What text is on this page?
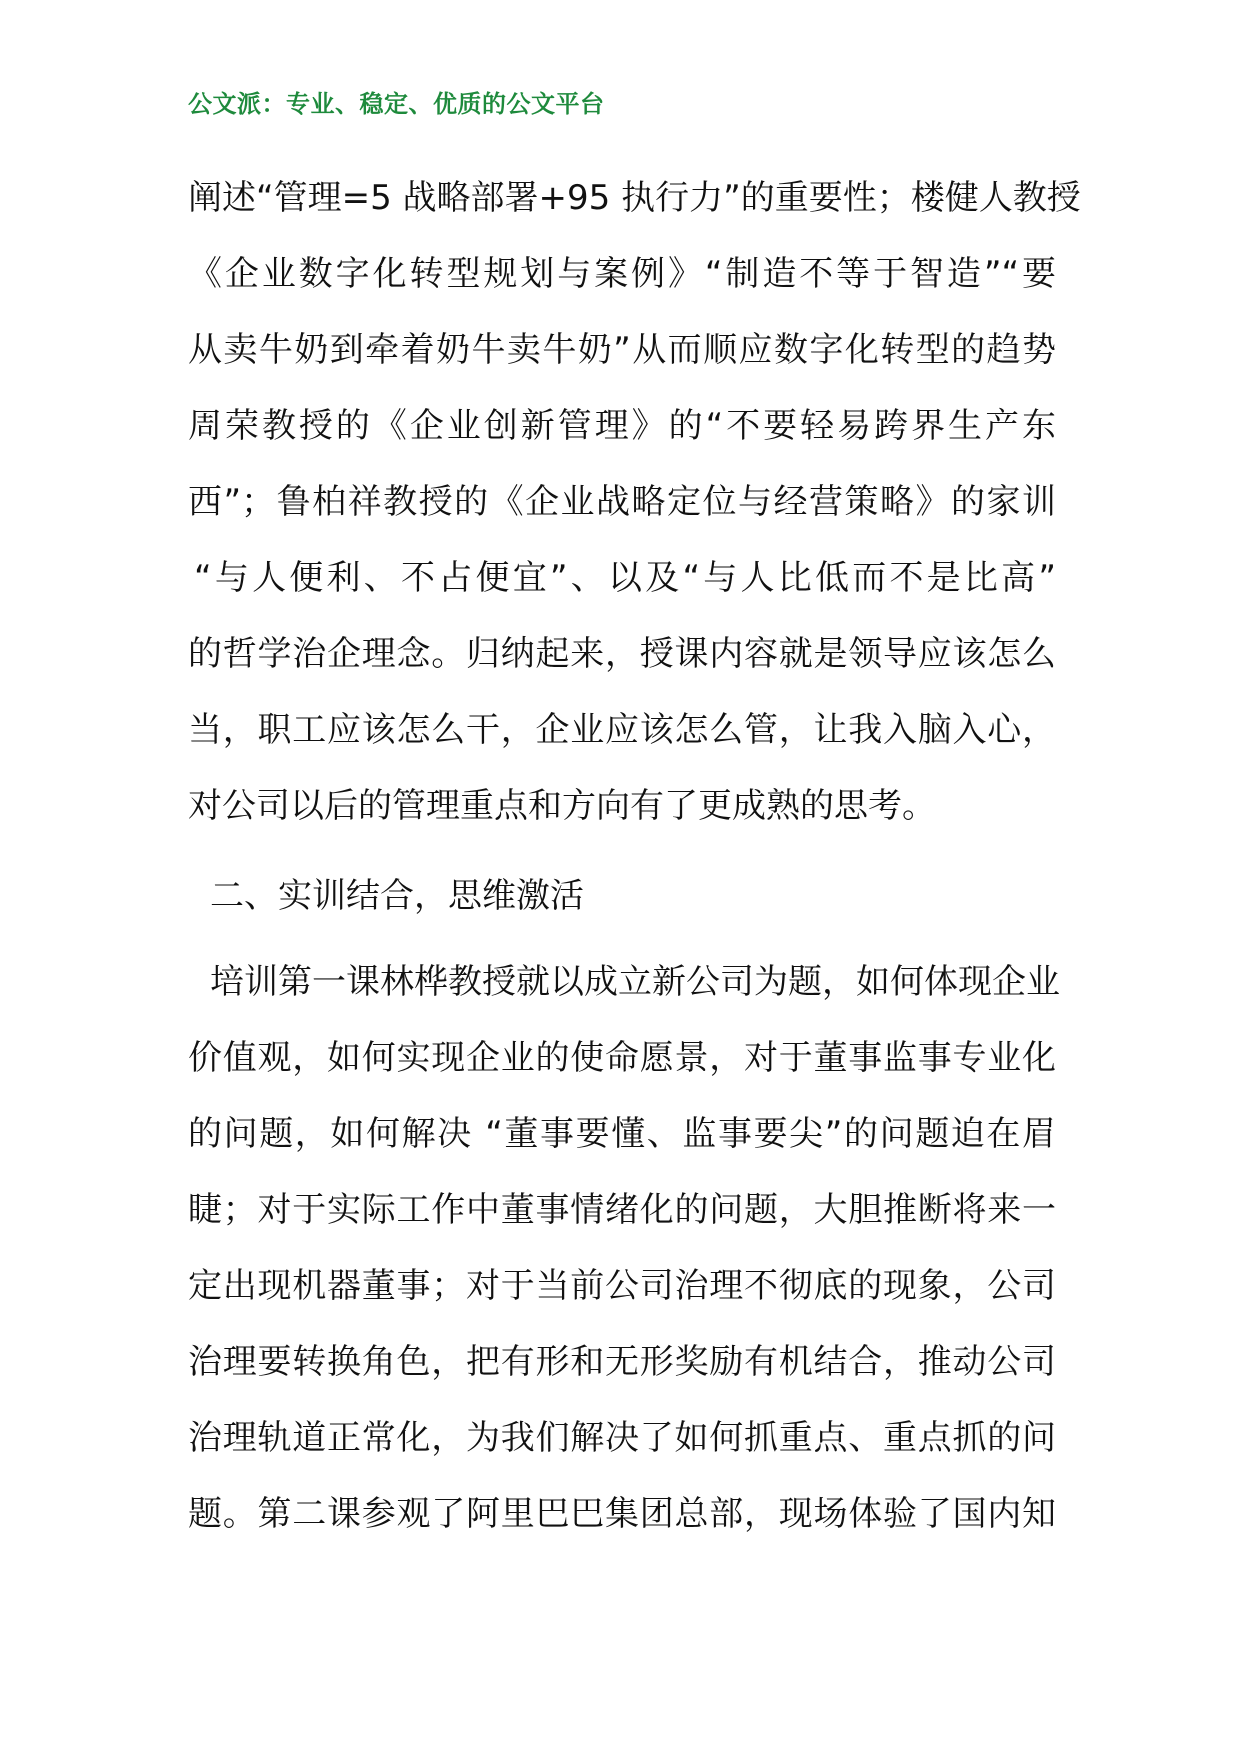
公文派：专业、稳定、优质的公文平台
阐述“管理=5 战略部署+95 执行力”的重要性；楼健人教授
《企业数字化转型规划与案例》“制造不等于智造”“要
从卖牛奶到牵着奶牛卖牛奶”从而顺应数字化转型的趋势
周荣教授的《企业创新管理》的“不要轻易跨界生产东
西”；鲁柏祥教授的《企业战略定位与经营策略》的家训
“与人便利、不占便宜”、以及“与人比低而不是比高”
的哲学治企理念。归纳起来，授课内容就是领导应该怎么
当，职工应该怎么干，企业应该怎么管，让我入脑入心，
对公司以后的管理重点和方向有了更成熟的思考。
二、实训结合，思维激活
培训第一课林桦教授就以成立新公司为题，如何体现企业
价值观，如何实现企业的使命愿景，对于董事监事专业化
的问题，如何解决 “董事要懂、监事要尖”的问题迫在眉
睫；对于实际工作中董事情绪化的问题，大胆推断将来一
定出现机器董事；对于当前公司治理不彻底的现象，公司
治理要转换角色，把有形和无形奖励有机结合，推动公司
治理轨道正常化，为我们解决了如何抓重点、重点抓的问
题。第二课参观了阿里巴巴集团总部，现场体验了国内知
